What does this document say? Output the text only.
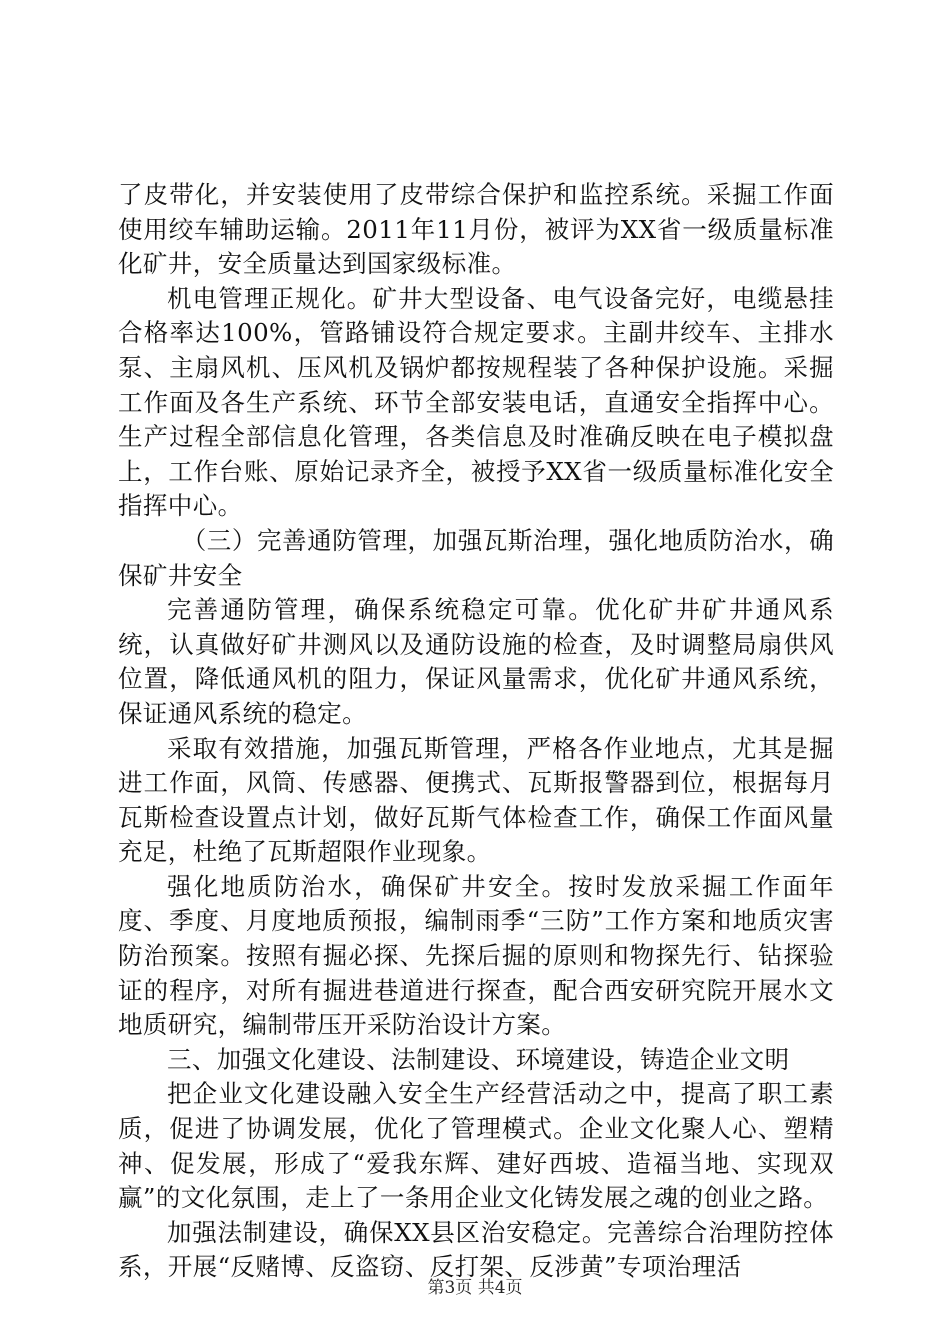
了皮带化，并安装使用了皮带综合保护和监控系统。采掘工作面使用绞车辅助运输。2011年11月份，被评为XX省一级质量标准化矿井，安全质量达到国家级标准。

机电管理正规化。矿井大型设备、电气设备完好，电缆悬挂合格率达100%，管路铺设符合规定要求。主副井绞车、主排水泵、主扇风机、压风机及锅炉都按规程装了各种保护设施。采掘工作面及各生产系统、环节全部安装电话，直通安全指挥中心。生产过程全部信息化管理，各类信息及时准确反映在电子模拟盘上，工作台账、原始记录齐全，被授予XX省一级质量标准化安全指挥中心。

（三）完善通防管理，加强瓦斯治理，强化地质防治水，确保矿井安全

完善通防管理，确保系统稳定可靠。优化矿井矿井通风系统，认真做好矿井测风以及通防设施的检查，及时调整局扇供风位置，降低通风机的阻力，保证风量需求，优化矿井通风系统，保证通风系统的稳定。

采取有效措施，加强瓦斯管理，严格各作业地点，尤其是掘进工作面，风筒、传感器、便携式、瓦斯报警器到位，根据每月瓦斯检查设置点计划，做好瓦斯气体检查工作，确保工作面风量充足，杜绝了瓦斯超限作业现象。

强化地质防治水，确保矿井安全。按时发放采掘工作面年度、季度、月度地质预报，编制雨季“三防”工作方案和地质灾害防治预案。按照有掘必探、先探后掘的原则和物探先行、钻探验证的程序，对所有掘进巷道进行探查，配合西安研究院开展水文地质研究，编制带压开采防治设计方案。

三、加强文化建设、法制建设、环境建设，铸造企业文明

把企业文化建设融入安全生产经营活动之中，提高了职工素质，促进了协调发展，优化了管理模式。企业文化聚人心、塑精神、促发展，形成了“爱我东辉、建好西坡、造福当地、实现双赢”的文化氛围，走上了一条用企业文化铸发展之魂的创业之路。

加强法制建设，确保XX县区治安稳定。完善综合治理防控体系，开展“反赌博、反盗窃、反打架、反涉黄”专项治理活

第3页 共4页
